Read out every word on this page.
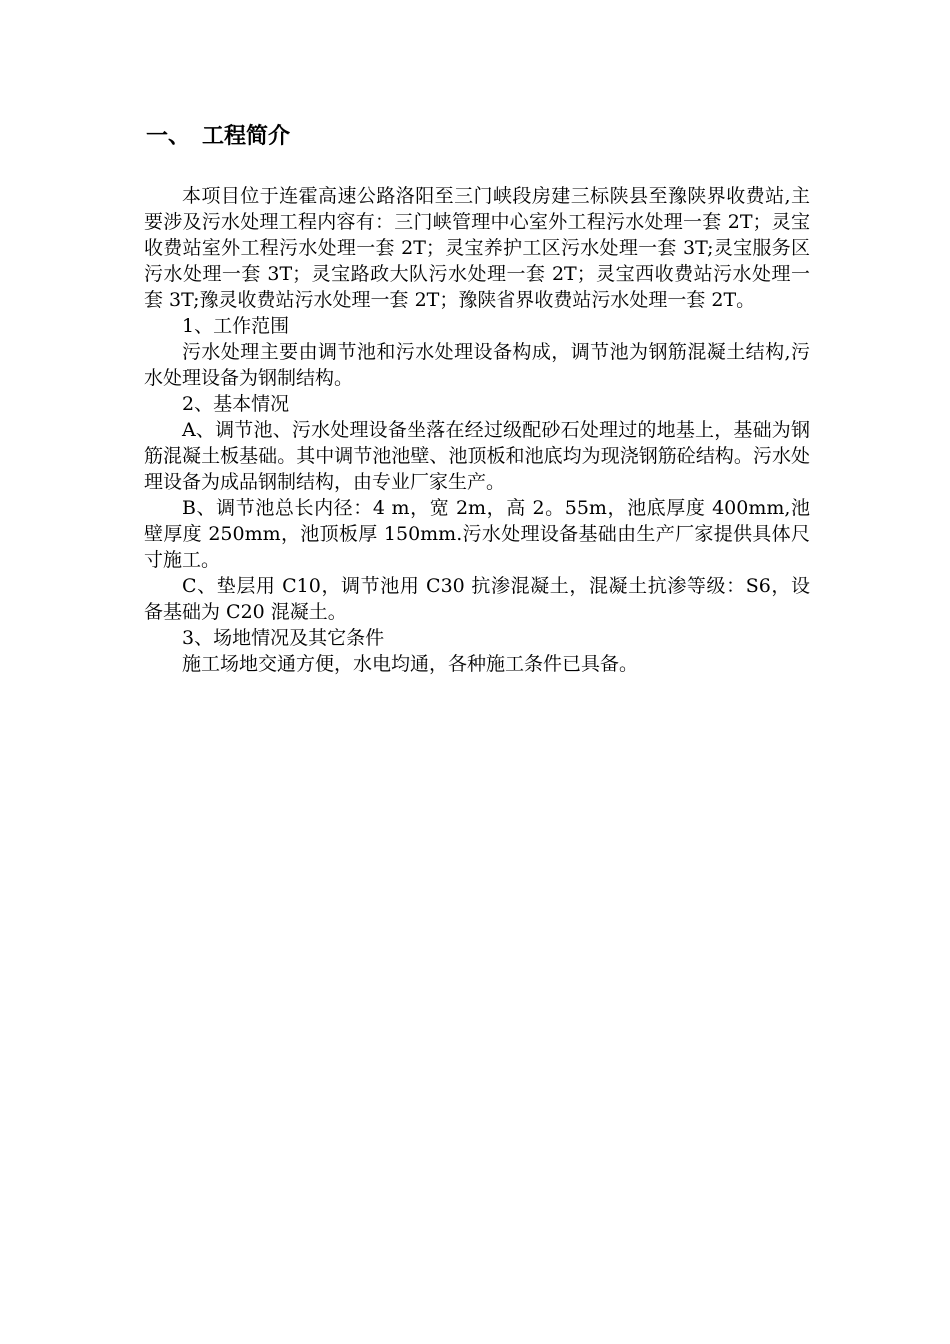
一、 工程简介

本项目位于连霍高速公路洛阳至三门峡段房建三标陕县至豫陕界收费站,主要涉及污水处理工程内容有：三门峡管理中心室外工程污水处理一套 2T；灵宝收费站室外工程污水处理一套 2T；灵宝养护工区污水处理一套 3T;灵宝服务区污水处理一套 3T；灵宝路政大队污水处理一套 2T；灵宝西收费站污水处理一套 3T;豫灵收费站污水处理一套 2T；豫陕省界收费站污水处理一套 2T。

1、工作范围

污水处理主要由调节池和污水处理设备构成，调节池为钢筋混凝土结构,污水处理设备为钢制结构。

2、基本情况

A、调节池、污水处理设备坐落在经过级配砂石处理过的地基上，基础为钢筋混凝土板基础。其中调节池池壁、池顶板和池底均为现浇钢筋砼结构。污水处理设备为成品钢制结构，由专业厂家生产。

B、调节池总长内径：4 m，宽 2m，高 2。55m，池底厚度 400mm,池壁厚度 250mm，池顶板厚 150mm.污水处理设备基础由生产厂家提供具体尺寸施工。

C、垫层用 C10，调节池用 C30 抗渗混凝土，混凝土抗渗等级：S6，设备基础为 C20 混凝土。

3、场地情况及其它条件

施工场地交通方便，水电均通，各种施工条件已具备。
